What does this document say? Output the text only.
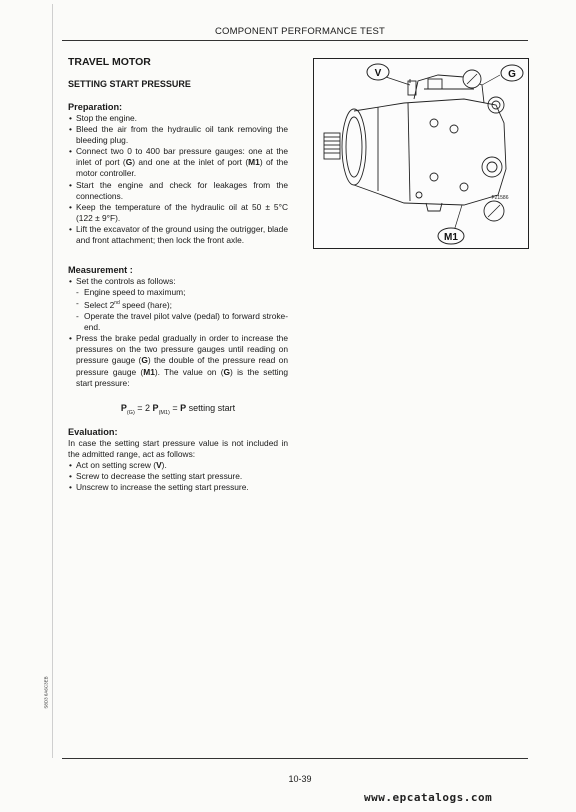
COMPONENT PERFORMANCE TEST
TRAVEL MOTOR
SETTING START PRESSURE
Preparation:
• Stop the engine.
• Bleed the air from the hydraulic oil tank removing the bleeding plug.
• Connect two 0 to 400 bar pressure gauges: one at the inlet of port (G) and one at the inlet of port (M1) of the motor controller.
• Start the engine and check for leakages from the connections.
• Keep the temperature of the hydraulic oil at 50 ± 5°C (122 ± 9°F).
• Lift the excavator of the ground using the outrigger, blade and front attachment; then lock the front axle.
Measurement :
• Set the controls as follows:
- Engine speed to maximum;
- Select 2nd speed (hare);
- Operate the travel pilot valve (pedal) to forward stroke-end.
• Press the brake pedal gradually in order to increase the pressures on the two pressure gauges until reading on pressure gauge (G) the double of the pressure read on pressure gauge (M1). The value on (G) is the setting start pressure:
$P_{(G)} = 2$ $P_{(M1)} = P$ setting start
Evaluation:

In case the setting start pressure value is not included in the admitted range, act as follows:

• Act on setting screw (V).
• Screw to decrease the setting start pressure.
• Unscrew to increase the setting start pressure.
V	G
M1
F21586
S8D3 6A6C3EB
10-39
www.epcatalogs.com
